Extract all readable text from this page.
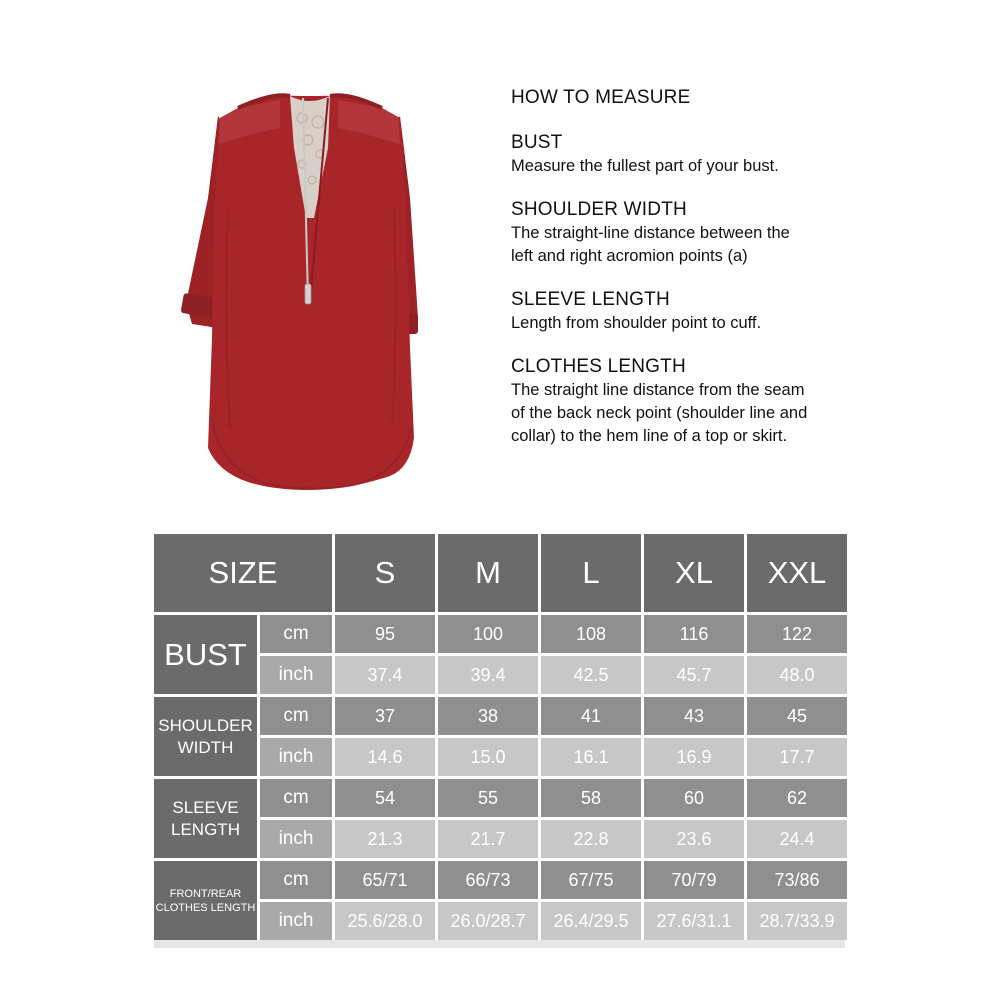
HOW TO MEASURE
BUST
Measure the fullest part of your bust.
SHOULDER WIDTH
The straight-line distance between the left and right acromion points (a)
SLEEVE LENGTH
Length from shoulder point to cuff.
CLOTHES LENGTH
The straight line distance from the seam of the back neck point (shoulder line and collar) to the hem line of a top or skirt.
SIZE		S	M	L	XL	XXL
BUST	cm	95	100	108	116	122
	inch	37.4	39.4	42.5	45.7	48.0
SHOULDER WIDTH	cm	37	38	41	43	45
	inch	14.6	15.0	16.1	16.9	17.7
SLEEVE LENGTH	cm	54	55	58	60	62
	inch	21.3	21.7	22.8	23.6	24.4
FRONT/REAR CLOTHES LENGTH	cm	65/71	66/73	67/75	70/79	73/86
	inch	25.6/28.0	26.0/28.7	26.4/29.5	27.6/31.1	28.7/33.9
